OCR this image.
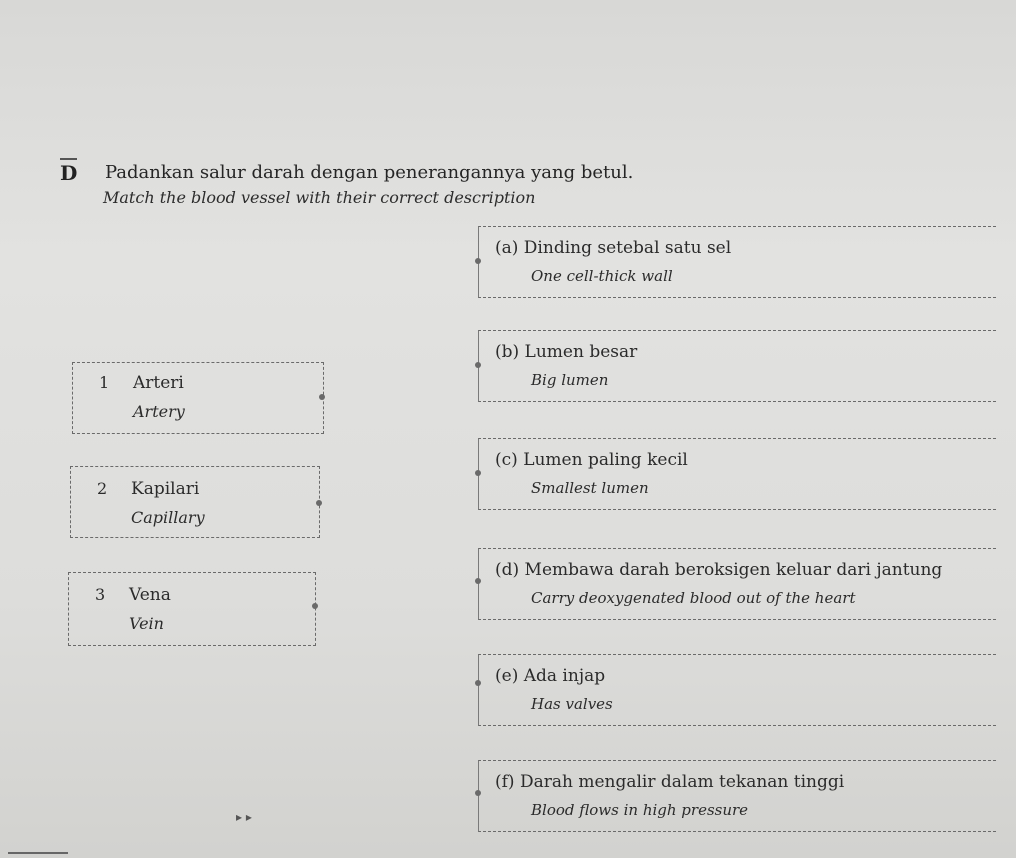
D Padankan salur darah dengan penerangannya yang betul.
Match the blood vessel with their correct description
1 Arteri
Artery
2 Kapilari
Capillary
3 Vena
Vein
(a) Dinding setebal satu sel
One cell-thick wall
(b) Lumen besar
Big lumen
(c) Lumen paling kecil
Smallest lumen
(d) Membawa darah beroksigen keluar dari jantung
Carry deoxygenated blood out of the heart
(e) Ada injap
Has valves
(f) Darah mengalir dalam tekanan tinggi
Blood flows in high pressure
▸ ▸
